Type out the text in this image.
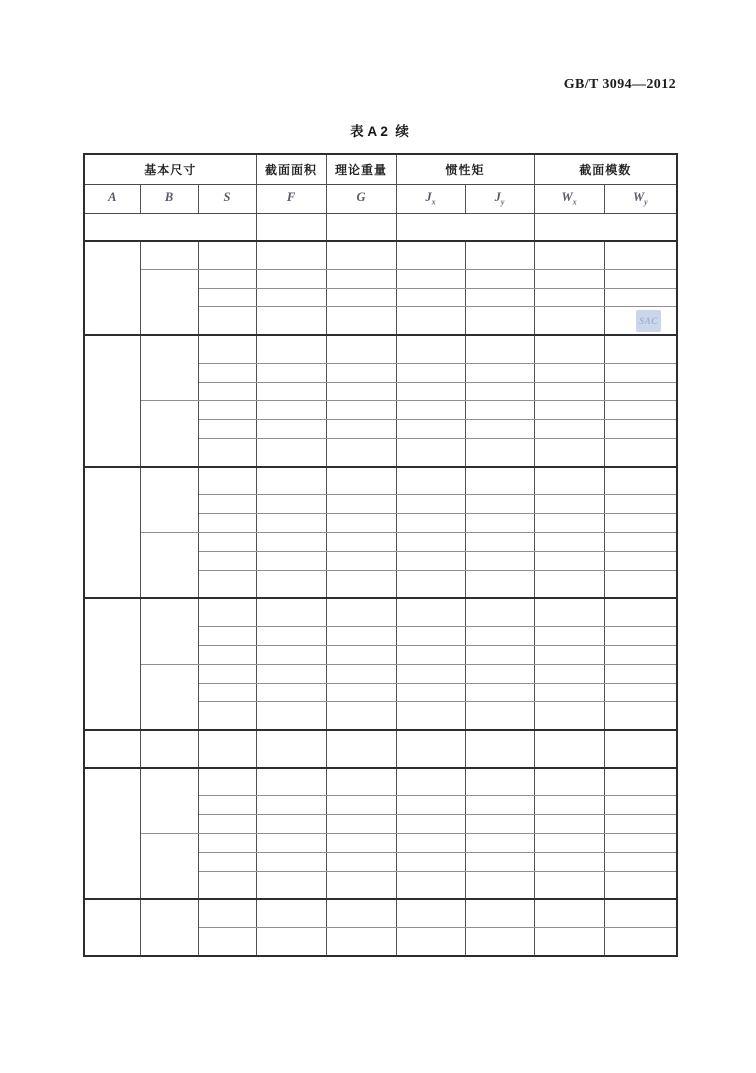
GB/T 3094—2012
表 A 2  续
SAC
基本尺寸			截面面积	理论重量	惯性矩		截面模数	
A	B	S	F	G	$J_x$	$J_y$	$W_x$	$W_y$
